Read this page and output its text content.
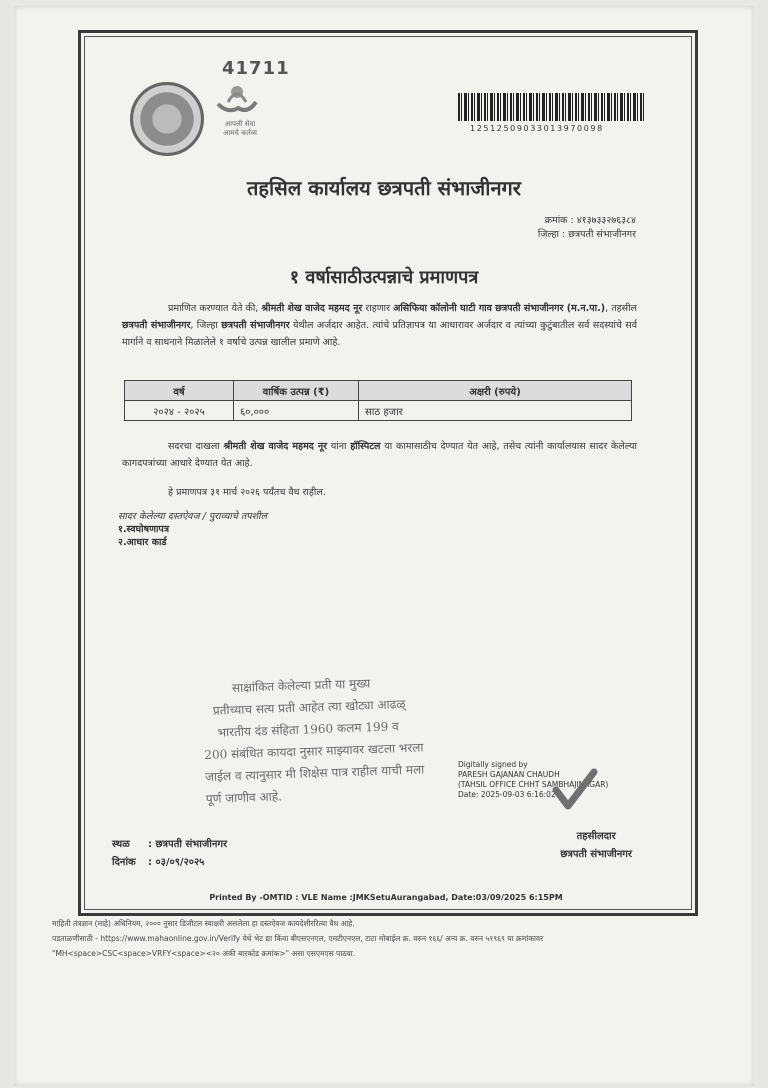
41711
आपली सेवा
आमचे कर्तव्य	12512509033013970098
तहसिल कार्यालय छत्रपती संभाजीनगर
क्रमांक : ४१३७३३२७६३८४
जिल्हा : छत्रपती संभाजीनगर
१ वर्षासाठीउत्पन्नाचे प्रमाणपत्र
प्रमाणित करण्यात येते की, श्रीमती शेख वाजेद महमद नूर राहणार असिफिया कॉलोनी घाटी गाव छत्रपती संभाजीनगर (म.न.पा.), तहसील छत्रपती संभाजीनगर, जिल्हा छत्रपती संभाजीनगर येथील अर्जदार आहेत. त्यांचे प्रतिज्ञापत्र या आधारावर अर्जदार व त्यांच्या कुटुंबातील सर्व सदस्यांचे सर्व मार्गाने व साधनाने मिळालेले १ वर्षाचे उत्पन्न खालील प्रमाणे आहे.
वर्ष	वार्षिक उत्पन्न (₹)	अक्षरी (रुपये)
२०२४ - २०२५	६०,०००	साठ हजार
सदरचा दाखला श्रीमती शेख वाजेद महमद नूर यांना हॉस्पिटल या कामासाठीच देण्यात येत आहे, तसेच त्यांनी कार्यालयास सादर केलेल्या कागदपत्रांच्या आधारे देण्यात येत आहे.
हे प्रमाणपत्र ३१ मार्च २०२६ पर्यंतच वैध राहील.
सादर केलेल्या दस्तऐवज / पुराव्याचे तपशील
१.स्वघोषणापत्र
२.आधार कार्ड
साक्षांकित केलेल्या प्रती या मुख्य
प्रतीच्याच सत्य प्रती आहेत त्या खोट्या आढळ्
भारतीय दंड संहिता 1960 कलम 199 व
200 संबंधित कायदा नुसार माझ्यावर खटला भरला
जाईल व त्यानुसार मी शिक्षेस पात्र राहील याची मला
पूर्ण जाणीव आहे.
Digitally signed by
PARESH GAJANAN CHAUDH
(TAHSIL OFFICE CHHT SAMBHAJINAGAR)
Date: 2025-09-03 6:16:02
स्थळ : छत्रपती संभाजीनगर
दिनांक : ०३/०९/२०२५
तहसीलदार
छत्रपती संभाजीनगर
Printed By -OMTID : VLE Name :JMKSetuAurangabad, Date:03/09/2025 6:15PM
माहिती तंत्रज्ञान (माहे) अधिनियम, २००० नुसार डिजीटल स्वाक्षरी असलेला हा दस्तऐवज कायदेशीररित्या वैध आहे.
पडताळणीसाठी - https://www.mahaonline.gov.in/Verify येथे भेट द्या किंवा बीएसएनएल, एमटीएनएल, टाटा मोबाईल क्र. वरुन १६६/ अन्य क्र. वरुन ५१९६९ या क्रमांकावर
"MH<space>CSC<space>VRFY<space><२० अंकी बारकोड क्रमांक>" असा एसएमएस पाठवा.
